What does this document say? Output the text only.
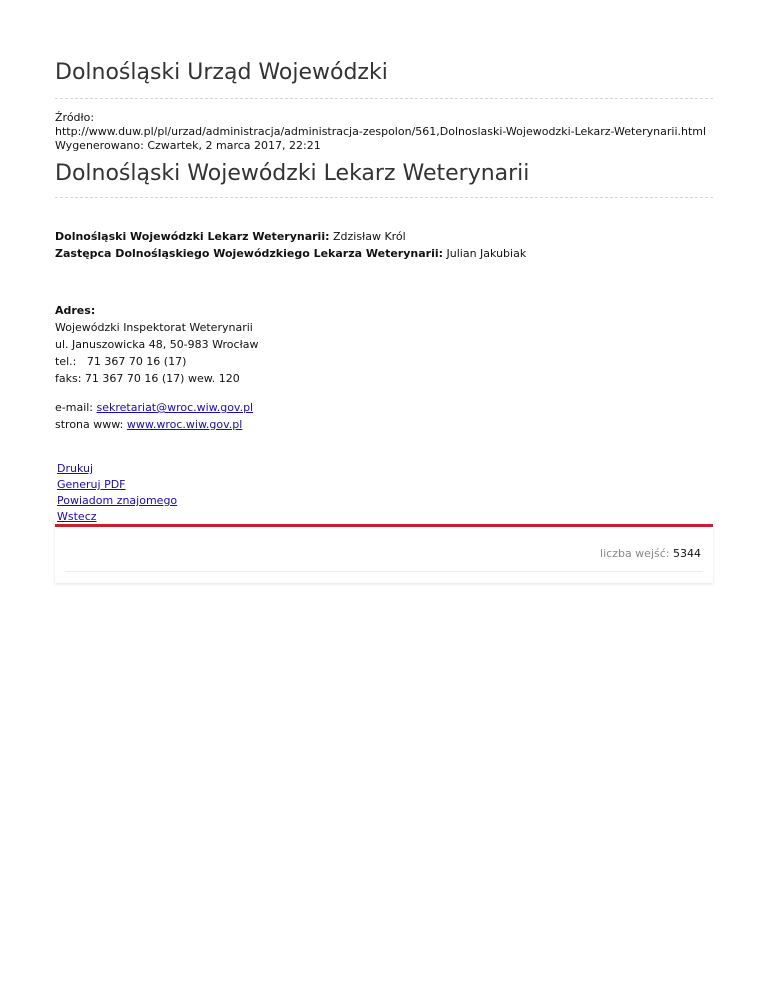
Dolnośląski Urząd Wojewódzki
Źródło:
http://www.duw.pl/pl/urzad/administracja/administracja-zespolon/561,Dolnoslaski-Wojewodzki-Lekarz-Weterynarii.html
Wygenerowano: Czwartek, 2 marca 2017, 22:21
Dolnośląski Wojewódzki Lekarz Weterynarii
Dolnośląski Wojewódzki Lekarz Weterynarii: Zdzisław Król
Zastępca Dolnośląskiego Wojewódzkiego Lekarza Weterynarii: Julian Jakubiak
Adres:
Wojewódzki Inspektorat Weterynarii
ul. Januszowicka 48, 50-983 Wrocław
tel.:   71 367 70 16 (17)
faks: 71 367 70 16 (17) wew. 120
e-mail: sekretariat@wroc.wiw.gov.pl
strona www: www.wroc.wiw.gov.pl
Drukuj
Generuj PDF
Powiadom znajomego
Wstecz
liczba wejść: 5344
